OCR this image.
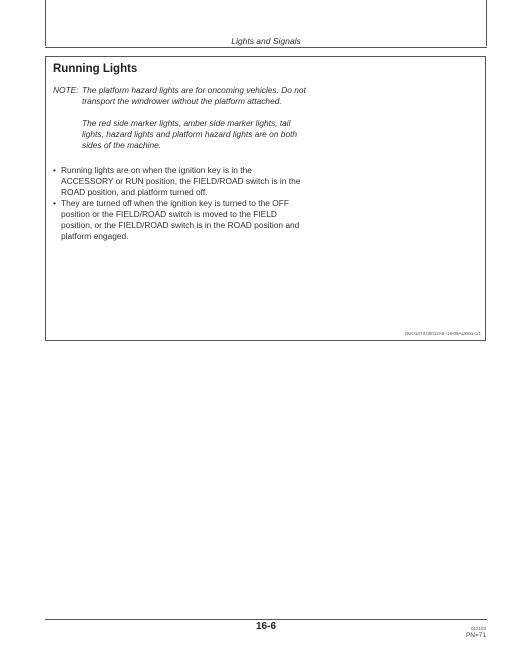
Lights and Signals
Running Lights
NOTE: The platform hazard lights are for oncoming vehicles. Do not transport the windrower without the platform attached.

The red side marker lights, amber side marker lights, tail lights, hazard lights and platform hazard lights are on both sides of the machine.

• Running lights are on when the ignition key is in the ACCESSORY or RUN position, the FIELD/ROAD switch is in the ROAD position, and platform turned off.
• They are turned off when the ignition key is turned to the OFF position or the FIELD/ROAD switch is moved to the FIELD position, or the FIELD/ROAD switch is in the ROAD position and platform engaged.
OUO1073,00012A8 -19-09AUG01-1/1
16-6	012103
PN=71
